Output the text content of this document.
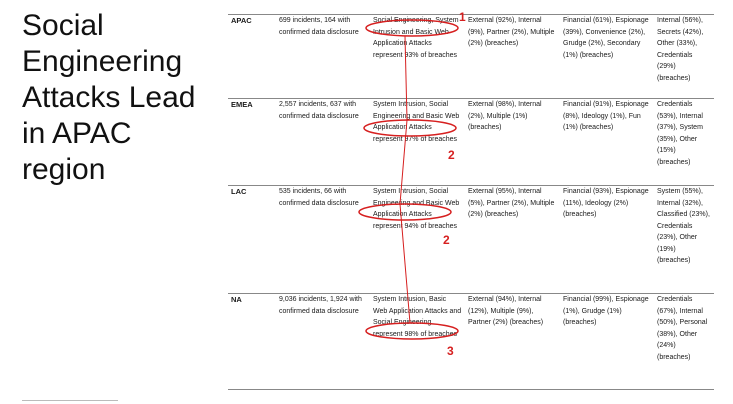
Social Engineering Attacks Lead in APAC region
APAC	699 incidents, 164 with confirmed data disclosure	Social Engineering, System Intrusion and Basic Web Application Attacks represent 93% of breaches	External (92%), Internal (9%), Partner (2%), Multiple (2%) (breaches)	Financial (61%), Espionage (39%), Convenience (2%), Grudge (2%), Secondary (1%) (breaches)	Internal (56%), Secrets (42%), Other (33%), Credentials (29%) (breaches)
EMEA	2,557 incidents, 637 with confirmed data disclosure	System Intrusion, Social Engineering and Basic Web Application Attacks represent 97% of breaches	External (98%), Internal (2%), Multiple (1%) (breaches)	Financial (91%), Espionage (8%), Ideology (1%), Fun (1%) (breaches)	Credentials (53%), Internal (37%), System (35%), Other (15%) (breaches)
LAC	535 incidents, 66 with confirmed data disclosure	System Intrusion, Social Engineering and Basic Web Application Attacks represent 94% of breaches	External (95%), Internal (5%), Partner (2%), Multiple (2%) (breaches)	Financial (93%), Espionage (11%), Ideology (2%) (breaches)	System (55%), Internal (32%), Classified (23%), Credentials (23%), Other (19%) (breaches)
NA	9,036 incidents, 1,924 with confirmed data disclosure	System Intrusion, Basic Web Application Attacks and Social Engineering represent 98% of breaches	External (94%), Internal (12%), Multiple (9%), Partner (2%) (breaches)	Financial (99%), Espionage (1%), Grudge (1%) (breaches)	Credentials (67%), Internal (50%), Personal (38%), Other (24%) (breaches)
1
2
2
3
